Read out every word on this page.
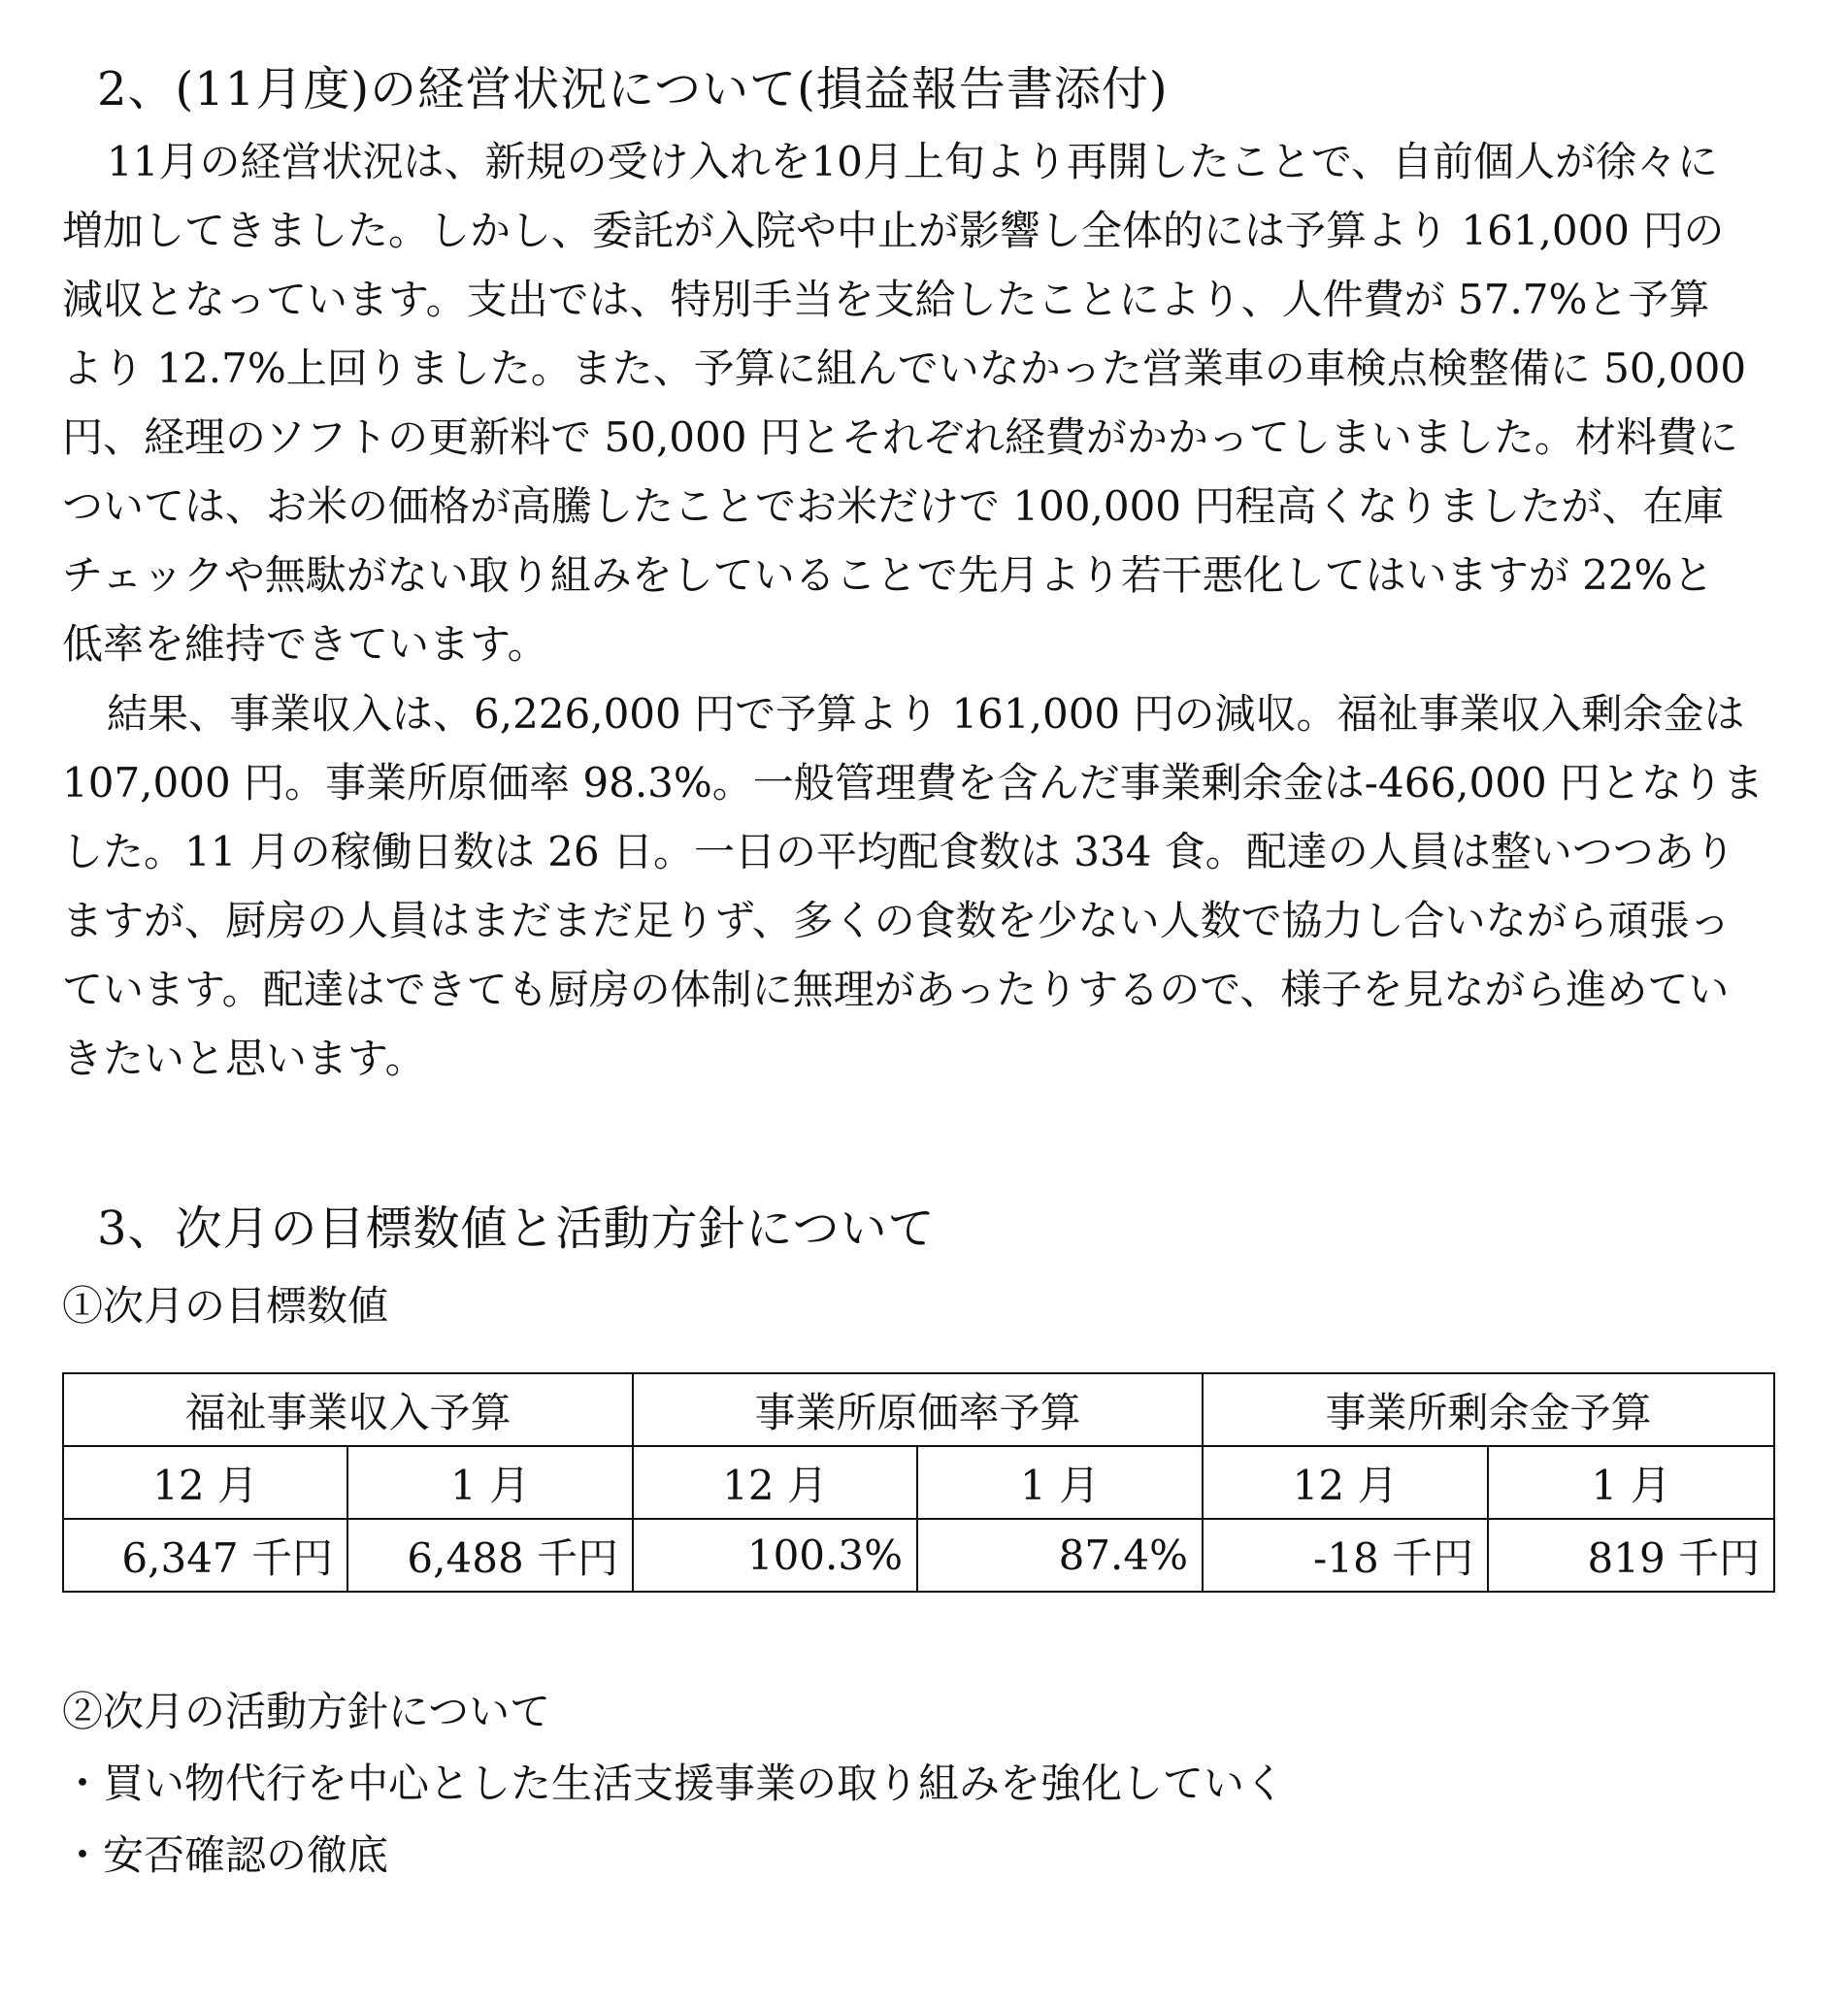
2、(11月度)の経営状況について(損益報告書添付)
11月の経営状況は、新規の受け入れを10月上旬より再開したことで、自前個人が徐々に
増加してきました。しかし、委託が入院や中止が影響し全体的には予算より 161,000 円の
減収となっています。支出では、特別手当を支給したことにより、人件費が 57.7%と予算
より 12.7%上回りました。また、予算に組んでいなかった営業車の車検点検整備に 50,000
円、経理のソフトの更新料で 50,000 円とそれぞれ経費がかかってしまいました。材料費に
ついては、お米の価格が高騰したことでお米だけで 100,000 円程高くなりましたが、在庫
チェックや無駄がない取り組みをしていることで先月より若干悪化してはいますが 22%と
低率を維持できています。
結果、事業収入は、6,226,000 円で予算より 161,000 円の減収。福祉事業収入剰余金は
107,000 円。事業所原価率 98.3%。一般管理費を含んだ事業剰余金は-466,000 円となりま
した。11 月の稼働日数は 26 日。一日の平均配食数は 334 食。配達の人員は整いつつあり
ますが、厨房の人員はまだまだ足りず、多くの食数を少ない人数で協力し合いながら頑張っ
ています。配達はできても厨房の体制に無理があったりするので、様子を見ながら進めてい
きたいと思います。
3、次月の目標数値と活動方針について
①次月の目標数値
福祉事業収入予算		事業所原価率予算		事業所剰余金予算	
12 月	1 月	12 月	1 月	12 月	1 月
6,347 千円	6,488 千円	100.3%	87.4%	-18 千円	819 千円
②次月の活動方針について
・買い物代行を中心とした生活支援事業の取り組みを強化していく
・安否確認の徹底
